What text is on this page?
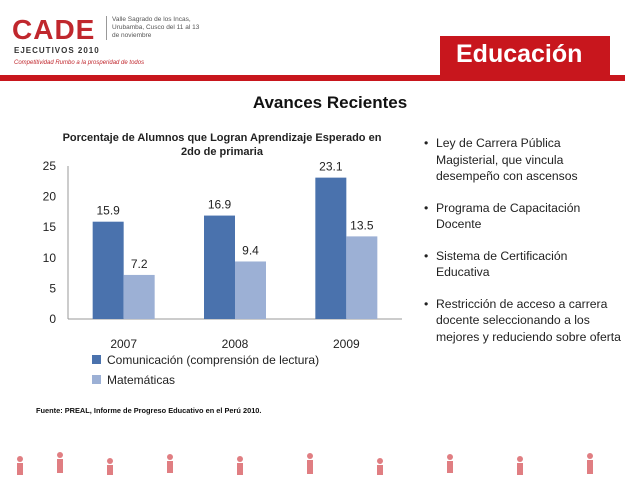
CADE
EJECUTIVOS 2010
Valle Sagrado de los Incas, Urubamba, Cusco del 11 al 13 de noviembre
Competitividad Rumbo a la prosperidad de todos	Educación
Avances Recientes
Porcentaje de Alumnos que Logran Aprendizaje Esperado en 2do de primaria
0
5
10
15
20
25
15.9
7.2
2007
16.9
9.4
2008
23.1
13.5
2009
Comunicación (comprensión de lectura)
Matemáticas
Fuente: PREAL, Informe de Progreso Educativo en el Perú 2010.
• Ley de Carrera Pública Magisterial, que vincula desempeño con ascensos
• Programa de Capacitación Docente
• Sistema de Certificación Educativa
• Restricción de acceso a carrera docente seleccionando a los mejores y reduciendo sobre oferta
